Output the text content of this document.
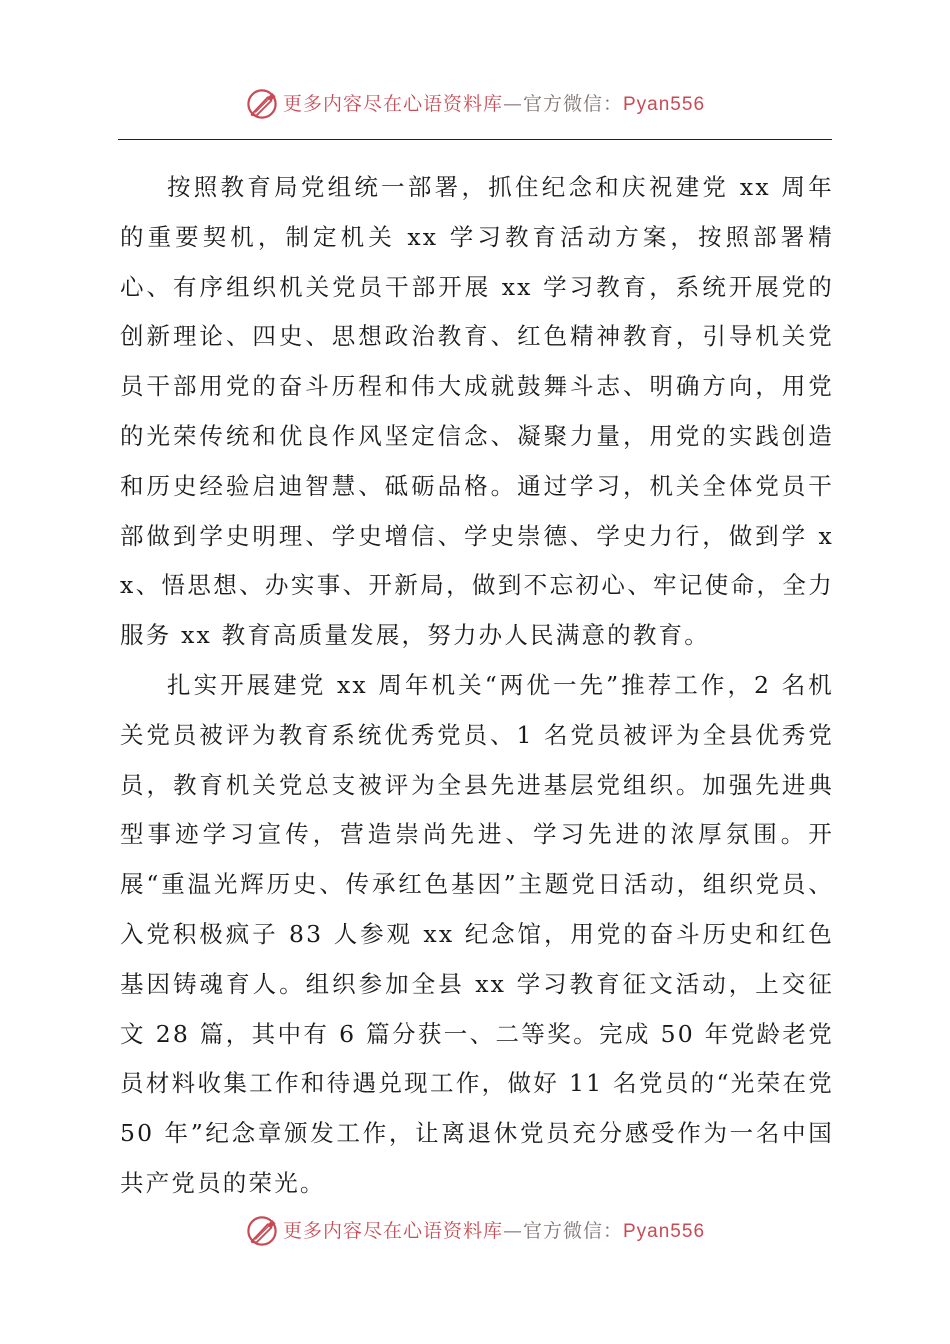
更多内容尽在心语资料库—官方微信：Pyan556

按照教育局党组统一部署，抓住纪念和庆祝建党 xx 周年的重要契机，制定机关 xx 学习教育活动方案，按照部署精心、有序组织机关党员干部开展 xx 学习教育，系统开展党的创新理论、四史、思想政治教育、红色精神教育，引导机关党员干部用党的奋斗历程和伟大成就鼓舞斗志、明确方向，用党的光荣传统和优良作风坚定信念、凝聚力量，用党的实践创造和历史经验启迪智慧、砥砺品格。通过学习，机关全体党员干部做到学史明理、学史增信、学史崇德、学史力行，做到学 xx、悟思想、办实事、开新局，做到不忘初心、牢记使命，全力服务 xx 教育高质量发展，努力办人民满意的教育。

扎实开展建党 xx 周年机关“两优一先”推荐工作，2 名机关党员被评为教育系统优秀党员、1 名党员被评为全县优秀党员，教育机关党总支被评为全县先进基层党组织。加强先进典型事迹学习宣传，营造崇尚先进、学习先进的浓厚氛围。开展“重温光辉历史、传承红色基因”主题党日活动，组织党员、入党积极疯子 83 人参观 xx 纪念馆，用党的奋斗历史和红色基因铸魂育人。组织参加全县 xx 学习教育征文活动，上交征文 28 篇，其中有 6 篇分获一、二等奖。完成 50 年党龄老党员材料收集工作和待遇兑现工作，做好 11 名党员的“光荣在党 50 年”纪念章颁发工作，让离退休党员充分感受作为一名中国共产党员的荣光。

更多内容尽在心语资料库—官方微信：Pyan556
